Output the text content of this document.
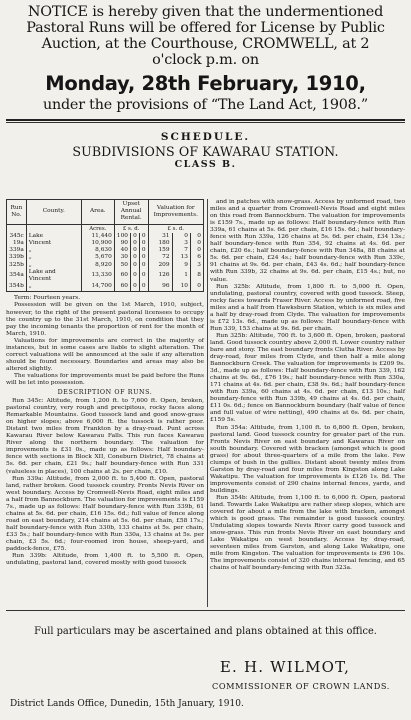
NOTICE is hereby given that the undermentioned
Pastoral Runs will be offered for License by Public
Auction, at the Courthouse, CROMWELL, at 2
o'clock p.m. on
Monday, 28th February, 1910,
under the provisions of “The Land Act, 1908.”
SCHEDULE.
SUBDIVISIONS OF KAWARAU STATION.
CLASS B.
Run No.	County.	Area.	Upset Annual Rental.			Valuation for Improvements.		
		Acres.	£ s. d.			£ s. d.		
345c	Lake	11,440	100	0	0	31	0	0
19a	Vincent	10,900	90	0	0	180	3	0
339a	„	8,630	40	0	0	159	7	0
339b	„	5,670	30	0	0	72	13	6
325b	„	8,920	50	0	0	209	9	3
354a	Lake and Vincent	13,330	60	0	0	126	1	8
354b	„	14,700	60	0	0	96	10	0

Term: Fourteen years.

Possession will be given on the 1st March, 1910, subject, however, to the right of the present pastoral licensees to occupy the country up to the 31st March, 1910, on condition that they pay the incoming tenants the proportion of rent for the month of March, 1910.

Valuations for improvements are correct in the majority of instances, but in some cases are liable to slight alteration. The correct valuations will be announced at the sale if any alteration should be found necessary. Boundaries and areas may also be altered slightly.

The valuations for improvements must be paid before the Runs will be let into possession.

DESCRIPTION OF RUNS.

Run 345c: Altitude, from 1,200 ft. to 7,600 ft. Open, broken, pastoral country, very rough and precipitous, rocky faces along Remarkable Mountains. Good tussock land and good snow-grass on higher slopes; above 6,000 ft. the tussock is rather poor. Distant two miles from Frankton by a dray-road. Punt across Kawarau River below Kawarau Falls. This run faces Kawarau River along the northern boundary. The valuation for improvements is £31 0s., made up as follows: Half boundary-fence with sections in Block XII, Coneburn District, 78 chains at 5s. 6d. per chain, £21 9s.; half boundary-fence with Run 331 (valueless in places), 100 chains at 2s. per chain, £10.

Run 339a: Altitude, from 2,000 ft. to 5,400 ft. Open, pastoral land, rather broken. Good tussock country. Fronts Nevis River on west boundary. Access by Cromwell-Nevis Road, eight miles and a half from Bannockburn. The valuation for improvements is £159 7s., made up as follows: Half boundary-fence with Run 339b, 61 chains at 5s. 6d. per chain, £16 15s. 6d.; full value of fence along road on east boundary, 214 chains at 5s. 6d. per chain, £58 17s.; half boundary-fence with Run 330b, 133 chains at 5s. per chain, £33 5s.; half boundary-fence with Run 330a, 13 chains at 5s. per chain, £3 5s. 6d.; four-roomed iron house, sheep-yard, and paddock-fence, £75.

Run 339b: Altitude, from 1,400 ft. to 5,500 ft. Open, undulating, pastoral land, covered mostly with good tussock

and in patches with snow-grass. Access by unformed road, two miles and a quarter from Cromwell-Nevis Road and eight miles on this road from Bannockburn. The valuation for improvements is £159 7s., made up as follows: Half boundary-fence with Run 339a, 61 chains at 5s. 6d. per chain, £16 15s. 6d.; half boundary-fence with Run 339a, 126 chains at 5s. 6d. per chain, £34 13s.; half boundary-fence with Run 354, 92 chains at 4s. 6d. per chain, £20 6s.; half boundary-fence with Run 348a, 88 chains at 5s. 6d. per chain, £24 4s.; half boundary-fence with Run 339c, 91 chains at 9s. 6d. per chain, £43 4s. 6d.; half boundary-fence with Run 339b, 32 chains at 9s. 6d. per chain, £15 4s.; hut, no value.

Run 325b: Altitude, from 1,800 ft. to 5,000 ft. Open, undulating, pastoral country, covered with good tussock. Steep, rocky faces towards Fraser River. Access by unformed road, five miles and a half from Hawksburn Station, which is six miles and a half by dray-road from Clyde. The valuation for improvements is £72 13s. 6d., made up as follows: Half boundary-fence with Run 339, 153 chains at 9s. 6d. per chain.

Run 325b: Altitude, 700 ft. to 3,600 ft. Open, broken, pastoral land. Good tussock country above 2,000 ft. Lower country rather bare and stony. The east boundary fronts Clutha River. Access by dray-road, four miles from Clyde, and then half a mile along Bannockburn Creek. The valuation for improvements is £209 9s. 3d., made up as follows: Half boundary-fence with Run 339, 162 chains at 9s. 6d., £76 19s.; half boundary-fence with Run 330a, 171 chains at 4s. 6d. per chain, £38 9s. 6d.; half boundary-fence with Run 339a, 60 chains at 4s. 6d. per chain, £13 10s.; half boundary-fence with Run 339b, 49 chains at 4s. 6d. per chain, £11 0s. 6d.; fence on Bannockburn boundary (half value of fence and full value of wire netting), 490 chains at 6s. 6d. per chain, £159 5s.

Run 354a: Altitude, from 1,100 ft. to 6,800 ft. Open, broken, pastoral land. Good tussock country for greater part of the run. Fronts Nevis River on east boundary and Kawarau River on south boundary. Covered with bracken (amongst which is good grass) for about three-quarters of a mile from the lake. Few clumps of bush in the gullies. Distant about twenty miles from Garston by dray-road and four miles from Kingston along Lake Wakatipu. The valuation for improvements is £126 1s. 8d. The improvements consist of 290 chains internal fences, yards, and buildings.

Run 354b: Altitude, from 1,100 ft. to 6,000 ft. Open, pastoral land. Towards Lake Wakatipu are rather steep slopes, which are covered for about a mile from the lake with bracken, amongst which is good grass. The remainder is good tussock country. Undulating slopes towards Nevis River carry good tussock and snow-grass. This run fronts Nevis River on east boundary and Lake Wakatipu on west boundary. Access by dray-road, seventeen miles from Garston, and along Lake Wakatipu, one mile from Kingston. The valuation for improvements is £96 10s. The improvements consist of 320 chains internal fencing, and 65 chains of half boundary-fencing with Run 323a.

Full particulars may be ascertained and plans obtained at this office.
E. H. WILMOT,
COMMISSIONER OF CROWN LANDS.
District Lands Office, Dunedin, 15th January, 1910.
